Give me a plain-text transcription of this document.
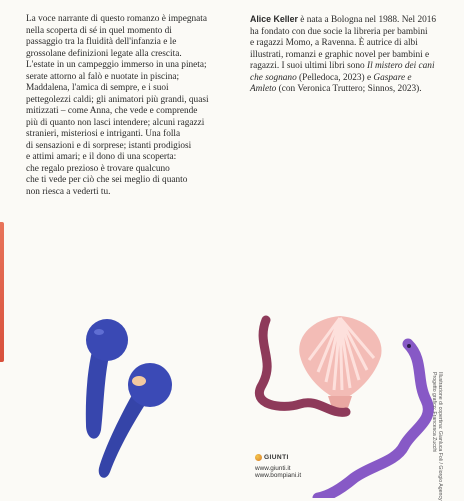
La voce narrante di questo romanzo è impegnata
nella scoperta di sé in quel momento di
passaggio tra la fluidità dell'infanzia e le
grossolane definizioni legate alla crescita.
L'estate in un campeggio immerso in una pineta;
serate attorno al falò e nuotate in piscina;
Maddalena, l'amica di sempre, e i suoi
pettegolezzi caldi; gli animatori più grandi, quasi
mitizzati – come Anna, che vede e comprende
più di quanto non lasci intendere; alcuni ragazzi
stranieri, misteriosi e intriganti. Una folla
di sensazioni e di sorprese; istanti prodigiosi
e attimi amari; e il dono di una scoperta:
che regalo prezioso è trovare qualcuno
che ti vede per ciò che sei meglio di quanto
non riesca a vederti tu.

Alice Keller è nata a Bologna nel 1988. Nel 2016
ha fondato con due socie la libreria per bambini
e ragazzi Momo, a Ravenna. È autrice di albi
illustrati, romanzi e graphic novel per bambini e
ragazzi. I suoi ultimi libri sono Il mistero dei cani
che sognano (Pelledoca, 2023) e Gaspare e
Amleto (con Veronica Truttero; Sinnos, 2023).

GIUNTI
www.giunti.it
www.bompiani.it	Illustrazione di copertina: Gianluca Foli / Giorgio Agency
Progetto grafico: Francesca Zucchi
